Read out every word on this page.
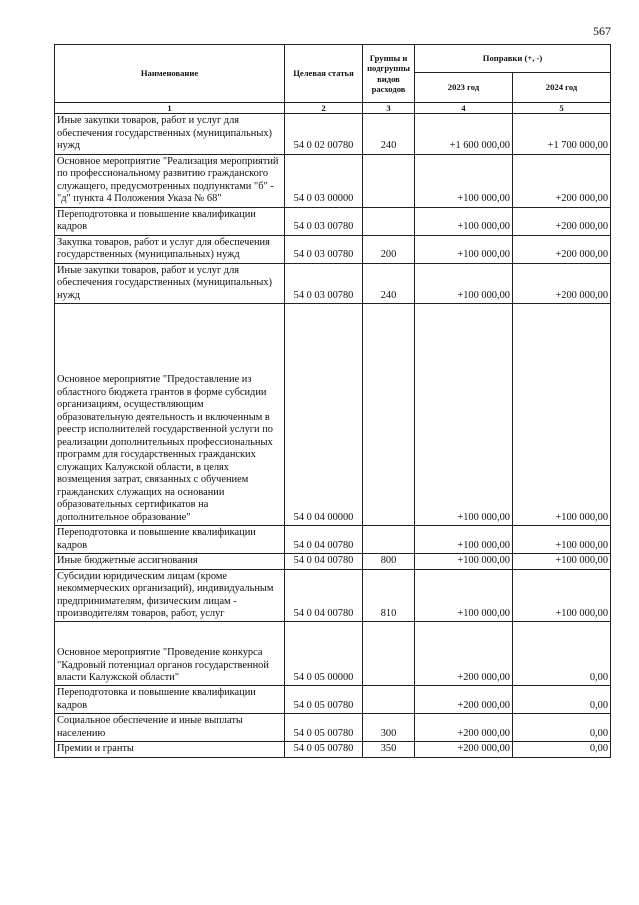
567
Наименование	Целевая статья	Группы и подгруппы видов расходов	Поправки (+, -)	
			2023 год	2024 год
1	2	3	4	5
Иные закупки товаров, работ и услуг для обеспечения государственных (муниципальных) нужд	54 0 02 00780	240	+1 600 000,00	+1 700 000,00
Основное мероприятие "Реализация мероприятий по профессиональному развитию гражданского служащего, предусмотренных подпунктами "б" - "д" пункта 4 Положения Указа № 68"	54 0 03 00000		+100 000,00	+200 000,00
Переподготовка и повышение квалификации кадров	54 0 03 00780		+100 000,00	+200 000,00
Закупка товаров, работ и услуг для обеспечения государственных (муниципальных) нужд	54 0 03 00780	200	+100 000,00	+200 000,00
Иные закупки товаров, работ и услуг для обеспечения государственных (муниципальных) нужд	54 0 03 00780	240	+100 000,00	+200 000,00
Основное мероприятие "Предоставление из областного бюджета грантов в форме субсидии организациям, осуществляющим образовательную деятельность и включенным в реестр исполнителей государственной услуги по реализации дополнительных профессиональных программ для государственных гражданских служащих Калужской области, в целях возмещения затрат, связанных с обучением гражданских служащих на основании образовательных сертификатов на дополнительное образование"	54 0 04 00000		+100 000,00	+100 000,00
Переподготовка и повышение квалификации кадров	54 0 04 00780		+100 000,00	+100 000,00
Иные бюджетные ассигнования	54 0 04 00780	800	+100 000,00	+100 000,00
Субсидии юридическим лицам (кроме некоммерческих организаций), индивидуальным предпринимателям, физическим лицам - производителям товаров, работ, услуг	54 0 04 00780	810	+100 000,00	+100 000,00
Основное мероприятие "Проведение конкурса "Кадровый потенциал органов государственной власти Калужской области"	54 0 05 00000		+200 000,00	0,00
Переподготовка и повышение квалификации кадров	54 0 05 00780		+200 000,00	0,00
Социальное обеспечение и иные выплаты населению	54 0 05 00780	300	+200 000,00	0,00
Премии и гранты	54 0 05 00780	350	+200 000,00	0,00
